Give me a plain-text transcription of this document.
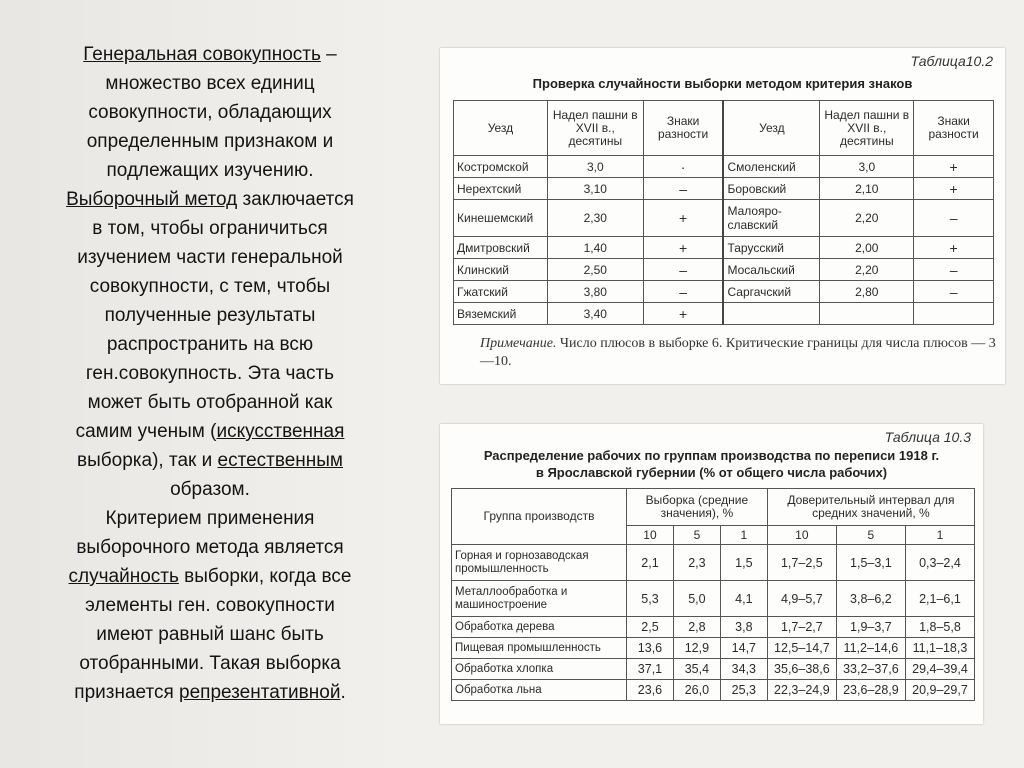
Генеральная совокупность –

множество всех единиц

совокупности, обладающих

определенным признаком и

подлежащих изучению.

Выборочный метод заключается

в том, чтобы ограничиться

изучением части генеральной

совокупности, с тем, чтобы

полученные результаты

распространить на всю

ген.совокупность. Эта часть

может быть отобранной как

самим ученым (искусственная

выборка), так и естественным

образом.

Критерием применения

выборочного метода является

случайность выборки, когда все

элементы ген. совокупности

имеют равный шанс быть

отобранными. Такая выборка

признается репрезентативной.

Таблица10.2
Проверка случайности выборки методом критерия знаков
Уезд	Надел пашни в XVII в., десятины	Знаки разности	Уезд	Надел пашни в XVII в., десятины	Знаки разности
Костромской	3,0	·	Смоленский	3,0	+
Нерехтский	3,10	–	Боровский	2,10	+
Кинешемский	2,30	+	Малояро-славский	2,20	–
Дмитровский	1,40	+	Тарусский	2,00	+
Клинский	2,50	–	Мосальский	2,20	–
Гжатский	3,80	–	Саргачский	2,80	–
Вяземский	3,40	+			
Примечание. Число плюсов в выборке 6. Критические границы для числа плюсов — 3—10.
Таблица 10.3
Распределение рабочих по группам производства по переписи 1918 г.
в Ярославской губернии (% от общего числа рабочих)
Группа производств	Выборка (средние значения), %			Доверительный интервал для средних значений, %		
	10	5	1	10	5	1
Горная и горнозаводская промышленность	2,1	2,3	1,5	1,7–2,5	1,5–3,1	0,3–2,4
Металлообработка и машиностроение	5,3	5,0	4,1	4,9–5,7	3,8–6,2	2,1–6,1
Обработка дерева	2,5	2,8	3,8	1,7–2,7	1,9–3,7	1,8–5,8
Пищевая промышленность	13,6	12,9	14,7	12,5–14,7	11,2–14,6	11,1–18,3
Обработка хлопка	37,1	35,4	34,3	35,6–38,6	33,2–37,6	29,4–39,4
Обработка льна	23,6	26,0	25,3	22,3–24,9	23,6–28,9	20,9–29,7
